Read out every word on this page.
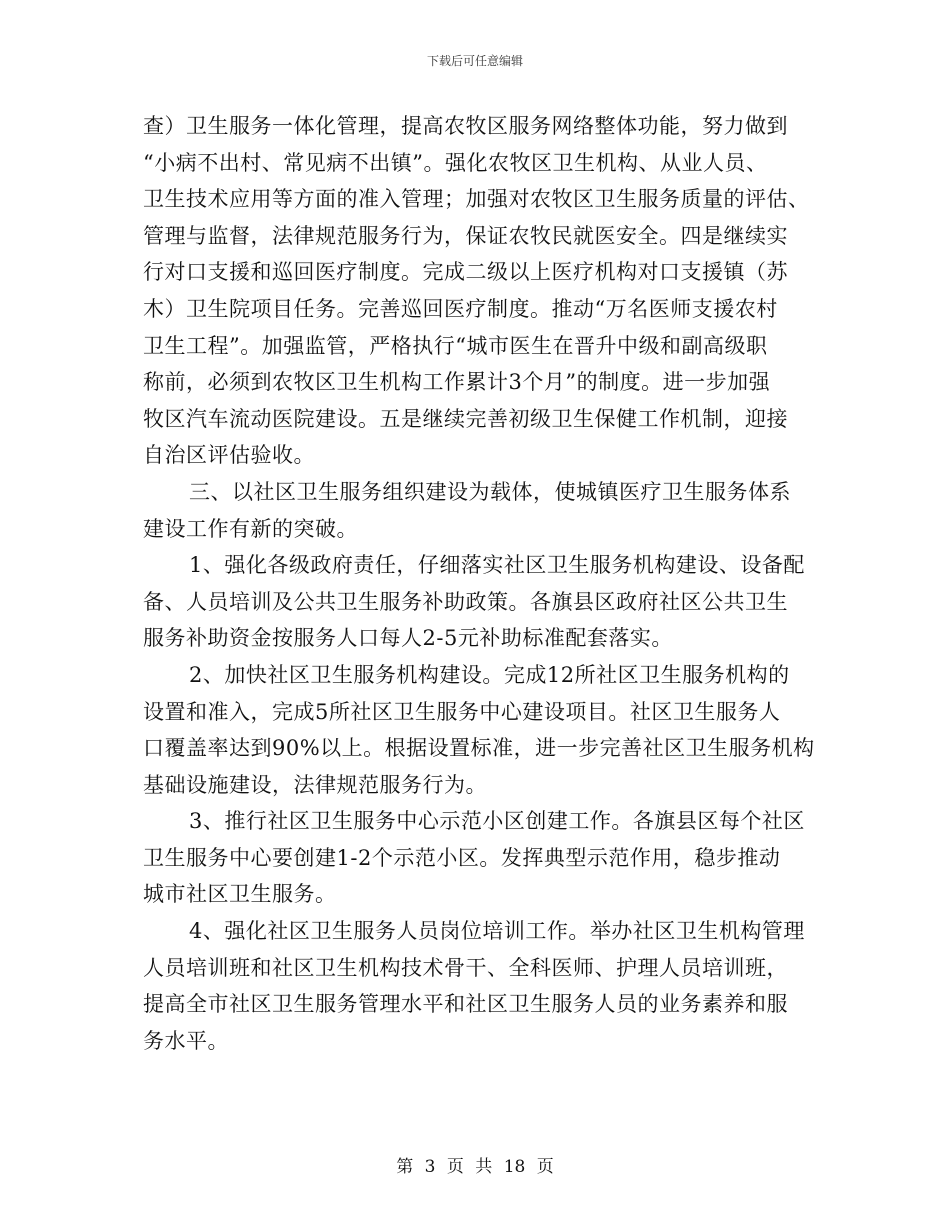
下载后可任意编辑
查）卫生服务一体化管理，提高农牧区服务网络整体功能，努力做到
“小病不出村、常见病不出镇”。强化农牧区卫生机构、从业人员、
卫生技术应用等方面的准入管理；加强对农牧区卫生服务质量的评估、
管理与监督，法律规范服务行为，保证农牧民就医安全。四是继续实
行对口支援和巡回医疗制度。完成二级以上医疗机构对口支援镇（苏
木）卫生院项目任务。完善巡回医疗制度。推动“万名医师支援农村
卫生工程”。加强监管，严格执行“城市医生在晋升中级和副高级职
称前，必须到农牧区卫生机构工作累计3个月”的制度。进一步加强
牧区汽车流动医院建设。五是继续完善初级卫生保健工作机制，迎接
自治区评估验收。
三、以社区卫生服务组织建设为载体，使城镇医疗卫生服务体系
建设工作有新的突破。
1、强化各级政府责任，仔细落实社区卫生服务机构建设、设备配
备、人员培训及公共卫生服务补助政策。各旗县区政府社区公共卫生
服务补助资金按服务人口每人2-5元补助标准配套落实。
2、加快社区卫生服务机构建设。完成12所社区卫生服务机构的
设置和准入，完成5所社区卫生服务中心建设项目。社区卫生服务人
口覆盖率达到90%以上。根据设置标准，进一步完善社区卫生服务机构
基础设施建设，法律规范服务行为。
3、推行社区卫生服务中心示范小区创建工作。各旗县区每个社区
卫生服务中心要创建1-2个示范小区。发挥典型示范作用，稳步推动
城市社区卫生服务。
4、强化社区卫生服务人员岗位培训工作。举办社区卫生机构管理
人员培训班和社区卫生机构技术骨干、全科医师、护理人员培训班，
提高全市社区卫生服务管理水平和社区卫生服务人员的业务素养和服
务水平。
第 3 页 共 18 页
